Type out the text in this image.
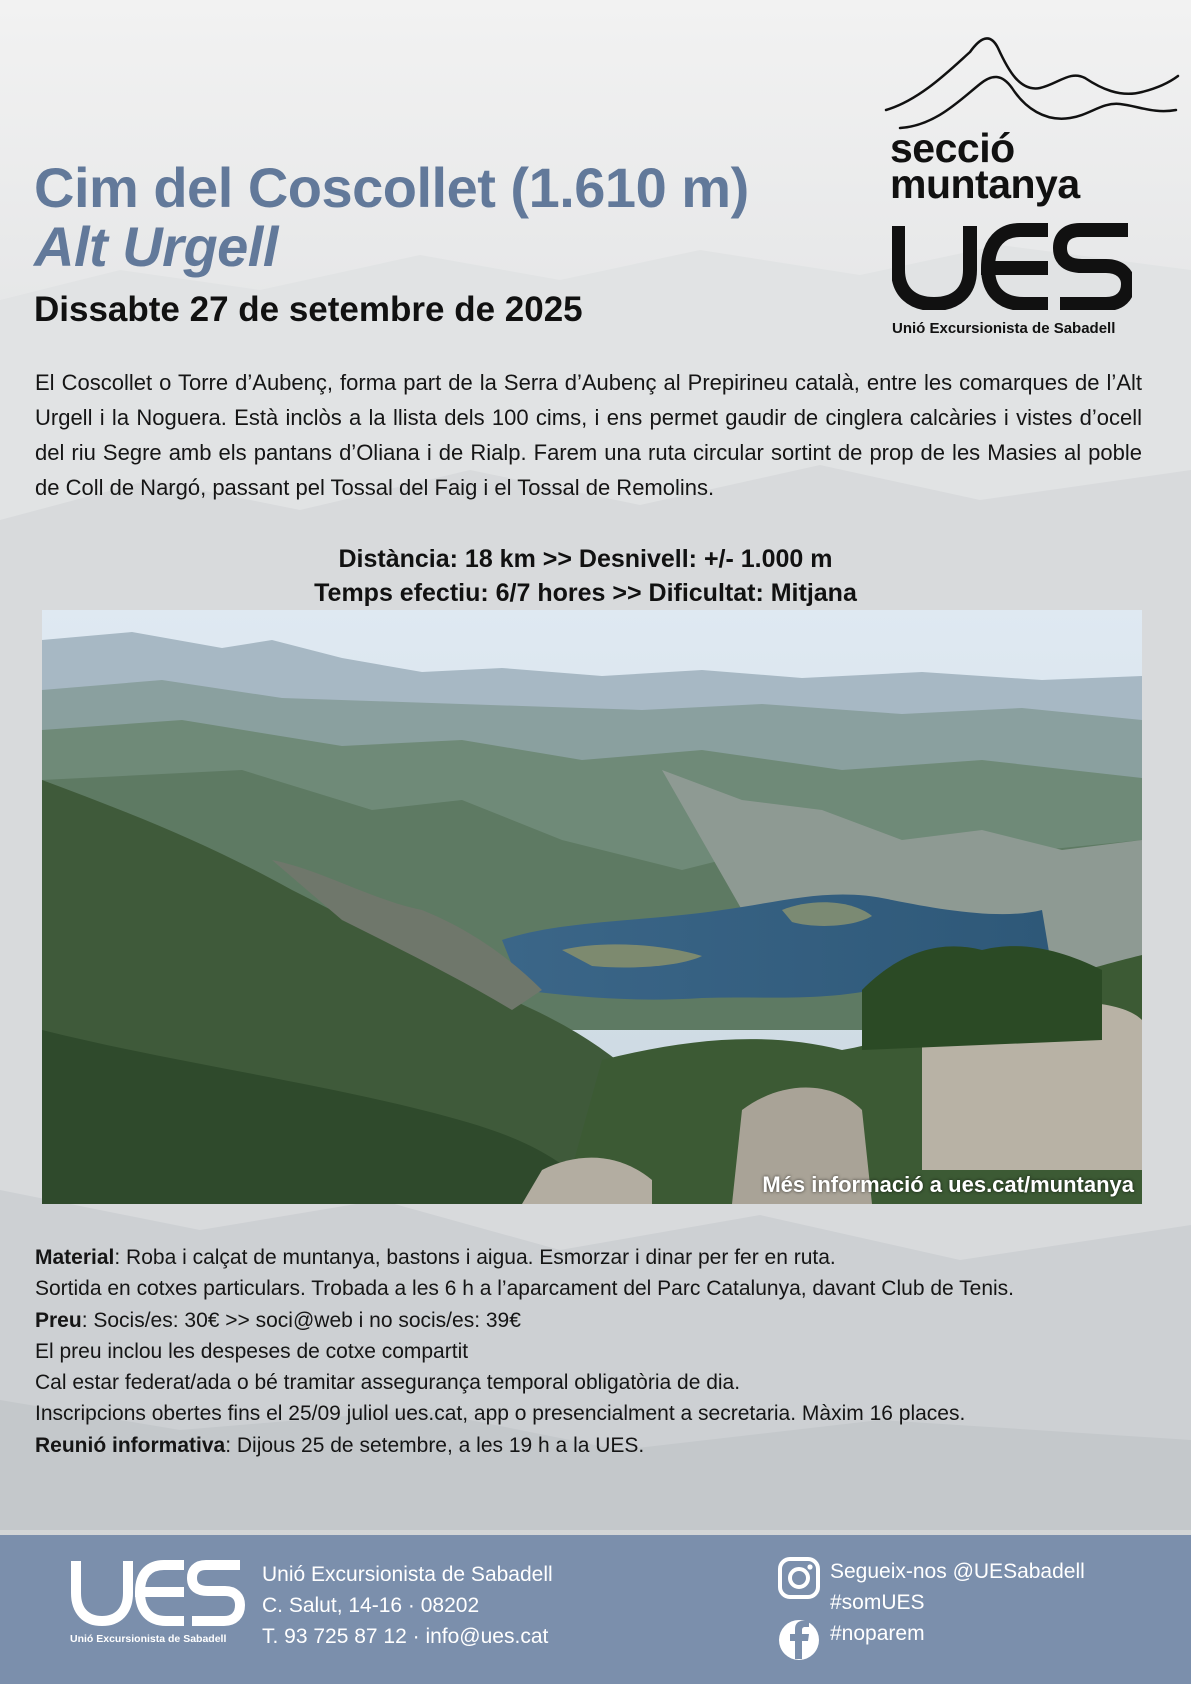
Cim del Coscollet (1.610 m)
Alt Urgell
Dissabte 27 de setembre de 2025
secció
muntanya
Unió Excursionista de Sabadell

El Coscollet o Torre d’Aubenç, forma part de la Serra d’Aubenç al Prepirineu català, entre les comarques de l’Alt Urgell i la Noguera. Està inclòs a la llista dels 100 cims, i ens permet gaudir de cinglera calcàries i vistes d’ocell del riu Segre amb els pantans d’Oliana i de Rialp. Farem una ruta circular sortint de prop de les Masies al poble de Coll de Nargó, passant pel Tossal del Faig i el Tossal de Remolins.

Distància: 18 km >> Desnivell: +/- 1.000 m
Temps efectiu: 6/7 hores >> Dificultat: Mitjana
Més informació a ues.cat/muntanya
Material: Roba i calçat de muntanya, bastons i aigua. Esmorzar i dinar per fer en ruta.
Sortida en cotxes particulars. Trobada a les 6 h a l’aparcament del Parc Catalunya, davant Club de Tenis.
Preu: Socis/es: 30€ >> soci@web i no socis/es: 39€
El preu inclou les despeses de cotxe compartit
Cal estar federat/ada o bé tramitar assegurança temporal obligatòria de dia.
Inscripcions obertes fins el 25/09 juliol ues.cat, app o presencialment a secretaria. Màxim 16 places.
Reunió informativa: Dijous 25 de setembre, a les 19 h a la UES.
Unió Excursionista de Sabadell
Unió Excursionista de Sabadell
C. Salut, 14-16 · 08202
T. 93 725 87 12 · info@ues.cat
Segueix-nos @UESabadell
#somUES
#noparem
